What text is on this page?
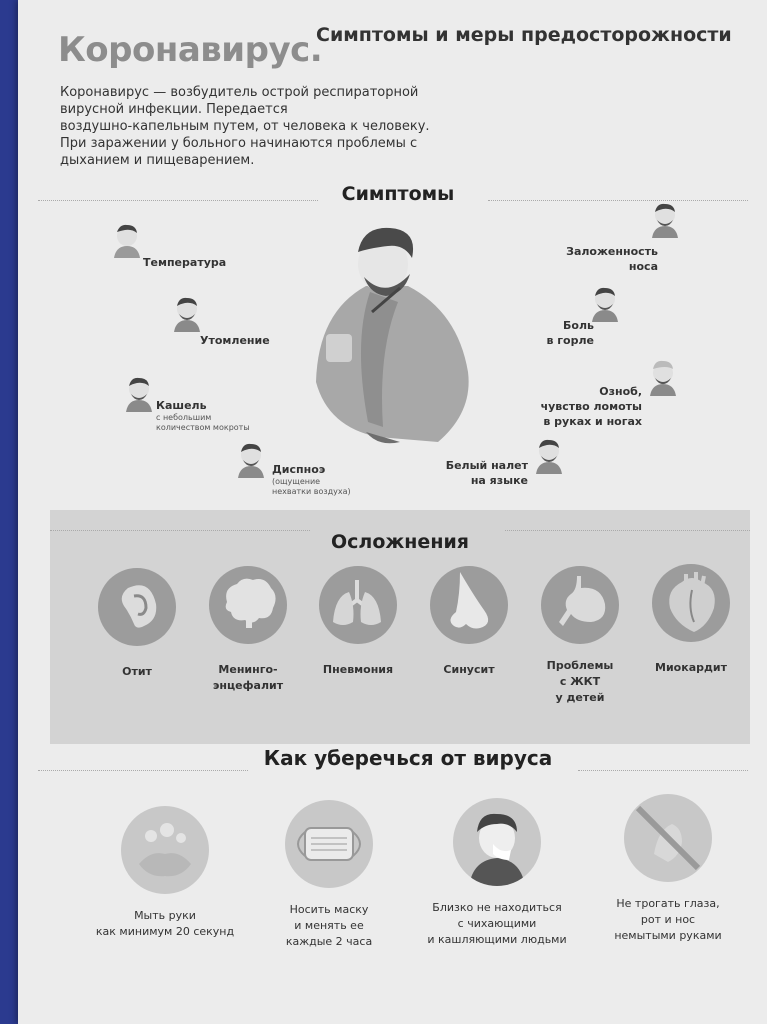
Коронавирус.
Симптомы и меры предосторожности

Коронавирус — возбудитель острой респираторной
вирусной инфекции. Передается
воздушно-капельным путем, от человека к человеку.
При заражении у больного начинаются проблемы с
дыханием и пищеварением.

Симптомы
Температура
Утомление
Кашель
с небольшим
количеством мокроты
Диспноэ
(ощущение
нехватки воздуха)
Заложенность
носа
Боль
в горле
Озноб,
чувство ломоты
в руках и ногах
Белый налет
на языке
Осложнения
Отит	Менинго-
энцефалит
Пневмония	Синусит	Проблемы
с ЖКТ
у детей
Миокардит
Как уберечься от вируса
Мыть руки
как минимум 20 секунд
Носить маску
и менять ее
каждые 2 часа
Близко не находиться
с чихающими
и кашляющими людьми
Не трогать глаза,
рот и нос
немытыми руками
